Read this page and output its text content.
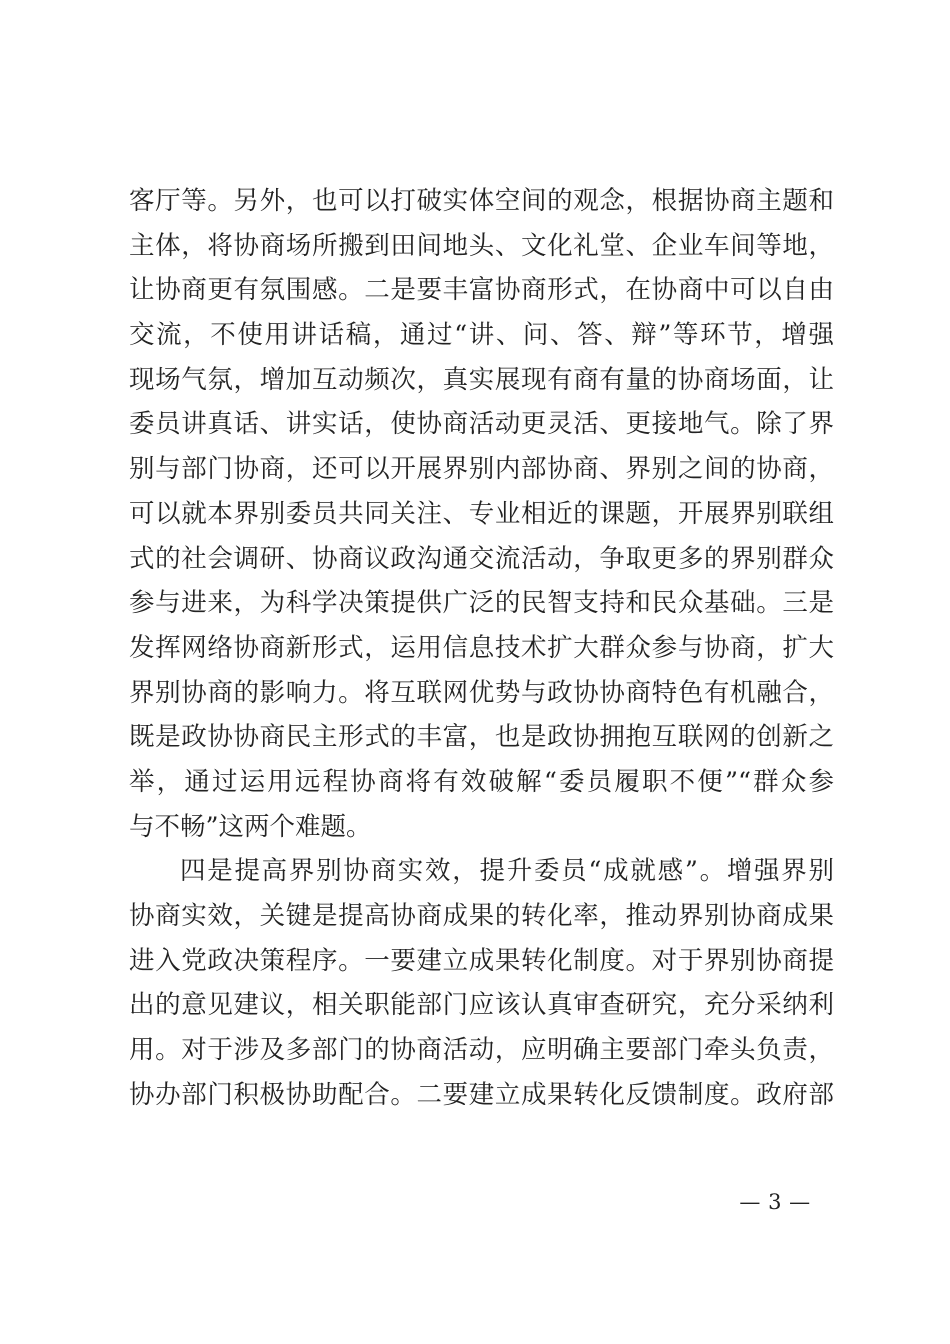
客厅等。另外，也可以打破实体空间的观念，根据协商主题和
主体，将协商场所搬到田间地头、文化礼堂、企业车间等地，
让协商更有氛围感。二是要丰富协商形式，在协商中可以自由
交流，不使用讲话稿，通过“讲、问、答、辩”等环节，增强
现场气氛，增加互动频次，真实展现有商有量的协商场面，让
委员讲真话、讲实话，使协商活动更灵活、更接地气。除了界
别与部门协商，还可以开展界别内部协商、界别之间的协商，
可以就本界别委员共同关注、专业相近的课题，开展界别联组
式的社会调研、协商议政沟通交流活动，争取更多的界别群众
参与进来，为科学决策提供广泛的民智支持和民众基础。三是
发挥网络协商新形式，运用信息技术扩大群众参与协商，扩大
界别协商的影响力。将互联网优势与政协协商特色有机融合，
既是政协协商民主形式的丰富，也是政协拥抱互联网的创新之
举，通过运用远程协商将有效破解“委员履职不便”“群众参
与不畅”这两个难题。
四是提高界别协商实效，提升委员“成就感”。增强界别
协商实效，关键是提高协商成果的转化率，推动界别协商成果
进入党政决策程序。一要建立成果转化制度。对于界别协商提
出的意见建议，相关职能部门应该认真审查研究，充分采纳利
用。对于涉及多部门的协商活动，应明确主要部门牵头负责，
协办部门积极协助配合。二要建立成果转化反馈制度。政府部
— 3 —
